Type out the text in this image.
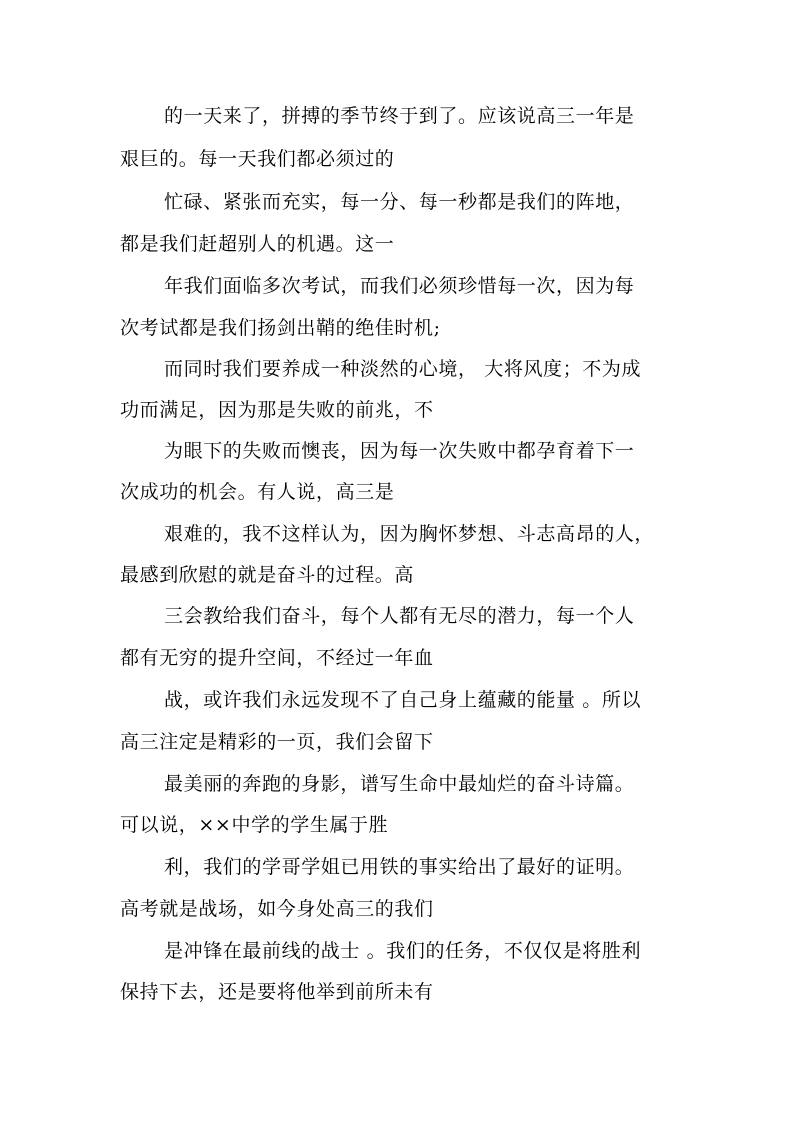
的一天来了，拼搏的季节终于到了。应该说高三一年是
艰巨的。每一天我们都必须过的
忙碌、紧张而充实，每一分、每一秒都是我们的阵地，
都是我们赶超别人的机遇。这一
年我们面临多次考试，而我们必须珍惜每一次，因为每
次考试都是我们扬剑出鞘的绝佳时机;
而同时我们要养成一种淡然的心境， 大将风度；不为成
功而满足，因为那是失败的前兆，不
为眼下的失败而懊丧，因为每一次失败中都孕育着下一
次成功的机会。有人说，高三是
艰难的，我不这样认为，因为胸怀梦想、斗志高昂的人，
最感到欣慰的就是奋斗的过程。高
三会教给我们奋斗，每个人都有无尽的潜力，每一个人
都有无穷的提升空间，不经过一年血
战，或许我们永远发现不了自己身上蕴藏的能量 。所以
高三注定是精彩的一页，我们会留下
最美丽的奔跑的身影，谱写生命中最灿烂的奋斗诗篇。
可以说，××中学的学生属于胜
利，我们的学哥学姐已用铁的事实给出了最好的证明。
高考就是战场，如今身处高三的我们
是冲锋在最前线的战士 。我们的任务，不仅仅是将胜利
保持下去，还是要将他举到前所未有
